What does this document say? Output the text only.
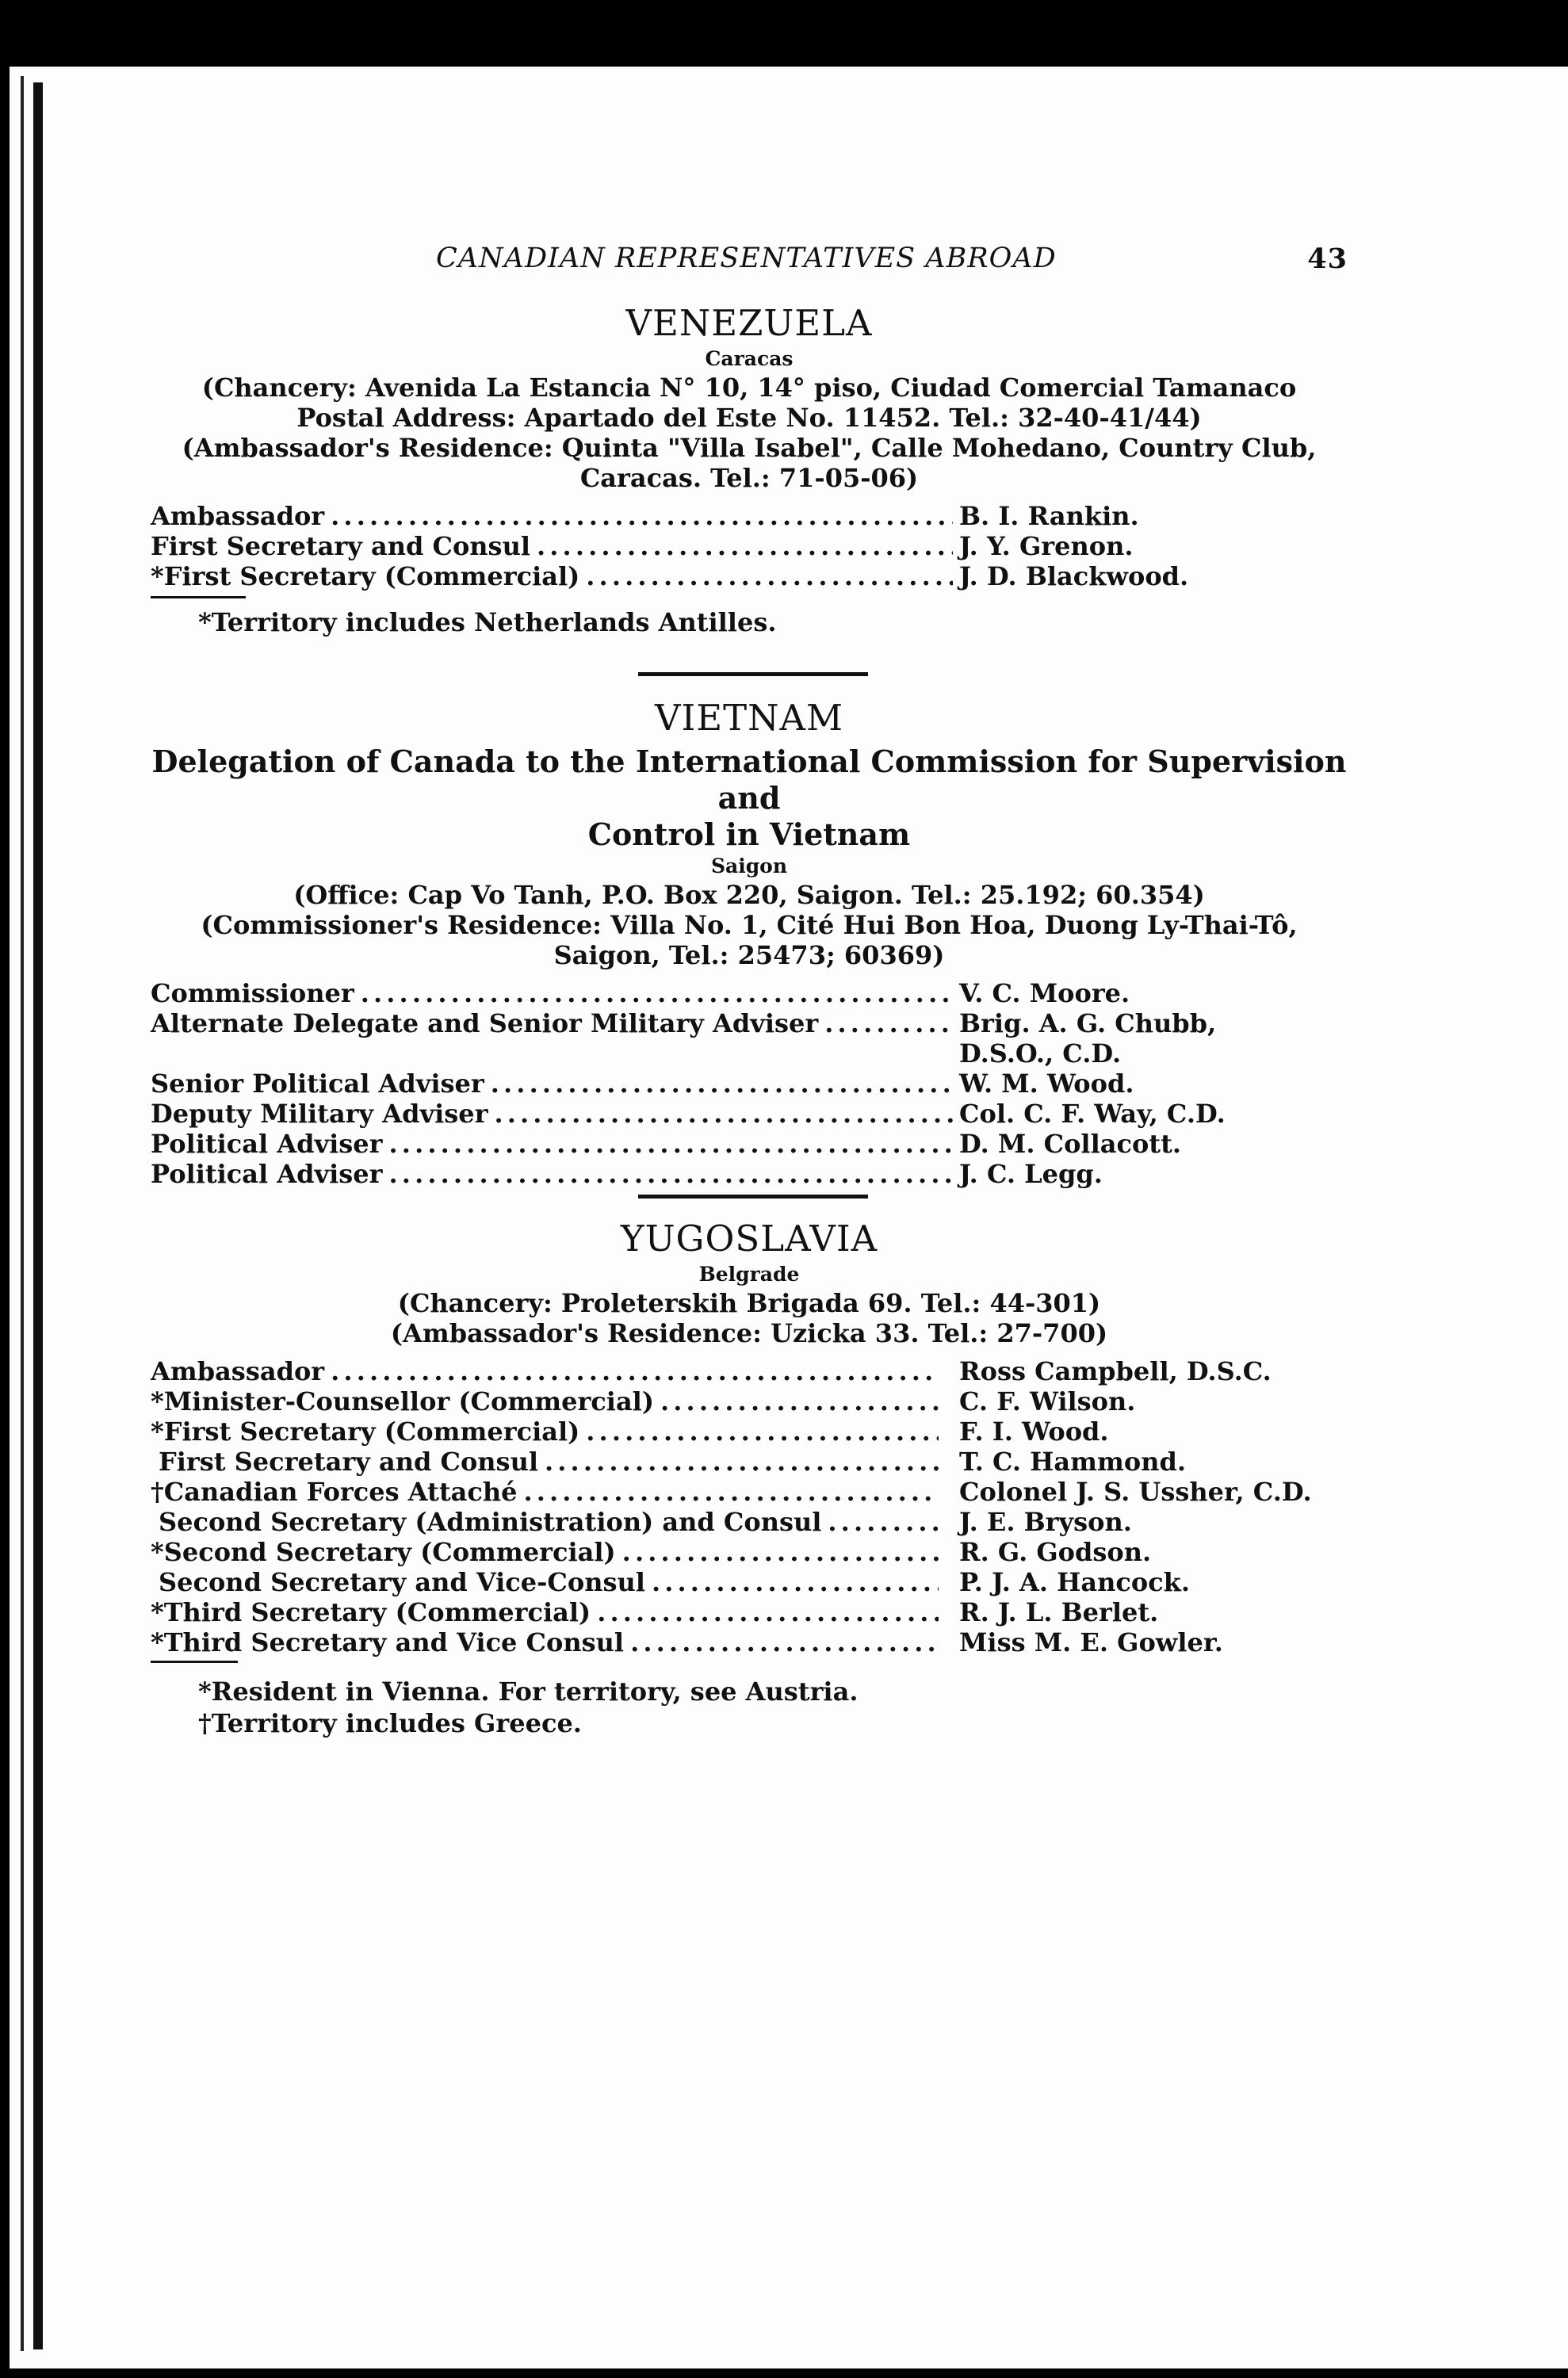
CANADIAN REPRESENTATIVES ABROAD	43
VENEZUELA
Caracas
(Chancery: Avenida La Estancia N° 10, 14° piso, Ciudad Comercial Tamanaco
Postal Address: Apartado del Este No. 11452. Tel.: 32-40-41/44)
(Ambassador's Residence: Quinta "Villa Isabel", Calle Mohedano, Country Club,
Caracas. Tel.: 71-05-06)
Ambassador . . .	B. I. Rankin.
First Secretary and Consul . . .	J. Y. Grenon.
*First Secretary (Commercial) . . .	J. D. Blackwood.
*Territory includes Netherlands Antilles.
VIETNAM
Delegation of Canada to the International Commission for Supervision and
Control in Vietnam
Saigon
(Office: Cap Vo Tanh, P.O. Box 220, Saigon. Tel.: 25.192; 60.354)
(Commissioner's Residence: Villa No. 1, Cité Hui Bon Hoa, Duong Ly-Thai-Tô,
Saigon, Tel.: 25473; 60369)
Commissioner . . .	V. C. Moore.
Alternate Delegate and Senior Military Adviser . . .	Brig. A. G. Chubb, D.S.O., C.D.
Senior Political Adviser . . .	W. M. Wood.
Deputy Military Adviser . . .	Col. C. F. Way, C.D.
Political Adviser . . .	D. M. Collacott.
Political Adviser . . .	J. C. Legg.
YUGOSLAVIA
Belgrade
(Chancery: Proleterskih Brigada 69. Tel.: 44-301)
(Ambassador's Residence: Uzicka 33. Tel.: 27-700)
Ambassador . . .	Ross Campbell, D.S.C.
*Minister-Counsellor (Commercial) . . .	C. F. Wilson.
*First Secretary (Commercial) . . .	F. I. Wood.
First Secretary and Consul . . .	T. C. Hammond.
†Canadian Forces Attaché . . .	Colonel J. S. Ussher, C.D.
Second Secretary (Administration) and Consul . . .	J. E. Bryson.
*Second Secretary (Commercial) . . .	R. G. Godson.
Second Secretary and Vice-Consul . . .	P. J. A. Hancock.
*Third Secretary (Commercial) . . .	R. J. L. Berlet.
*Third Secretary and Vice Consul . . .	Miss M. E. Gowler.
*Resident in Vienna. For territory, see Austria.
†Territory includes Greece.
